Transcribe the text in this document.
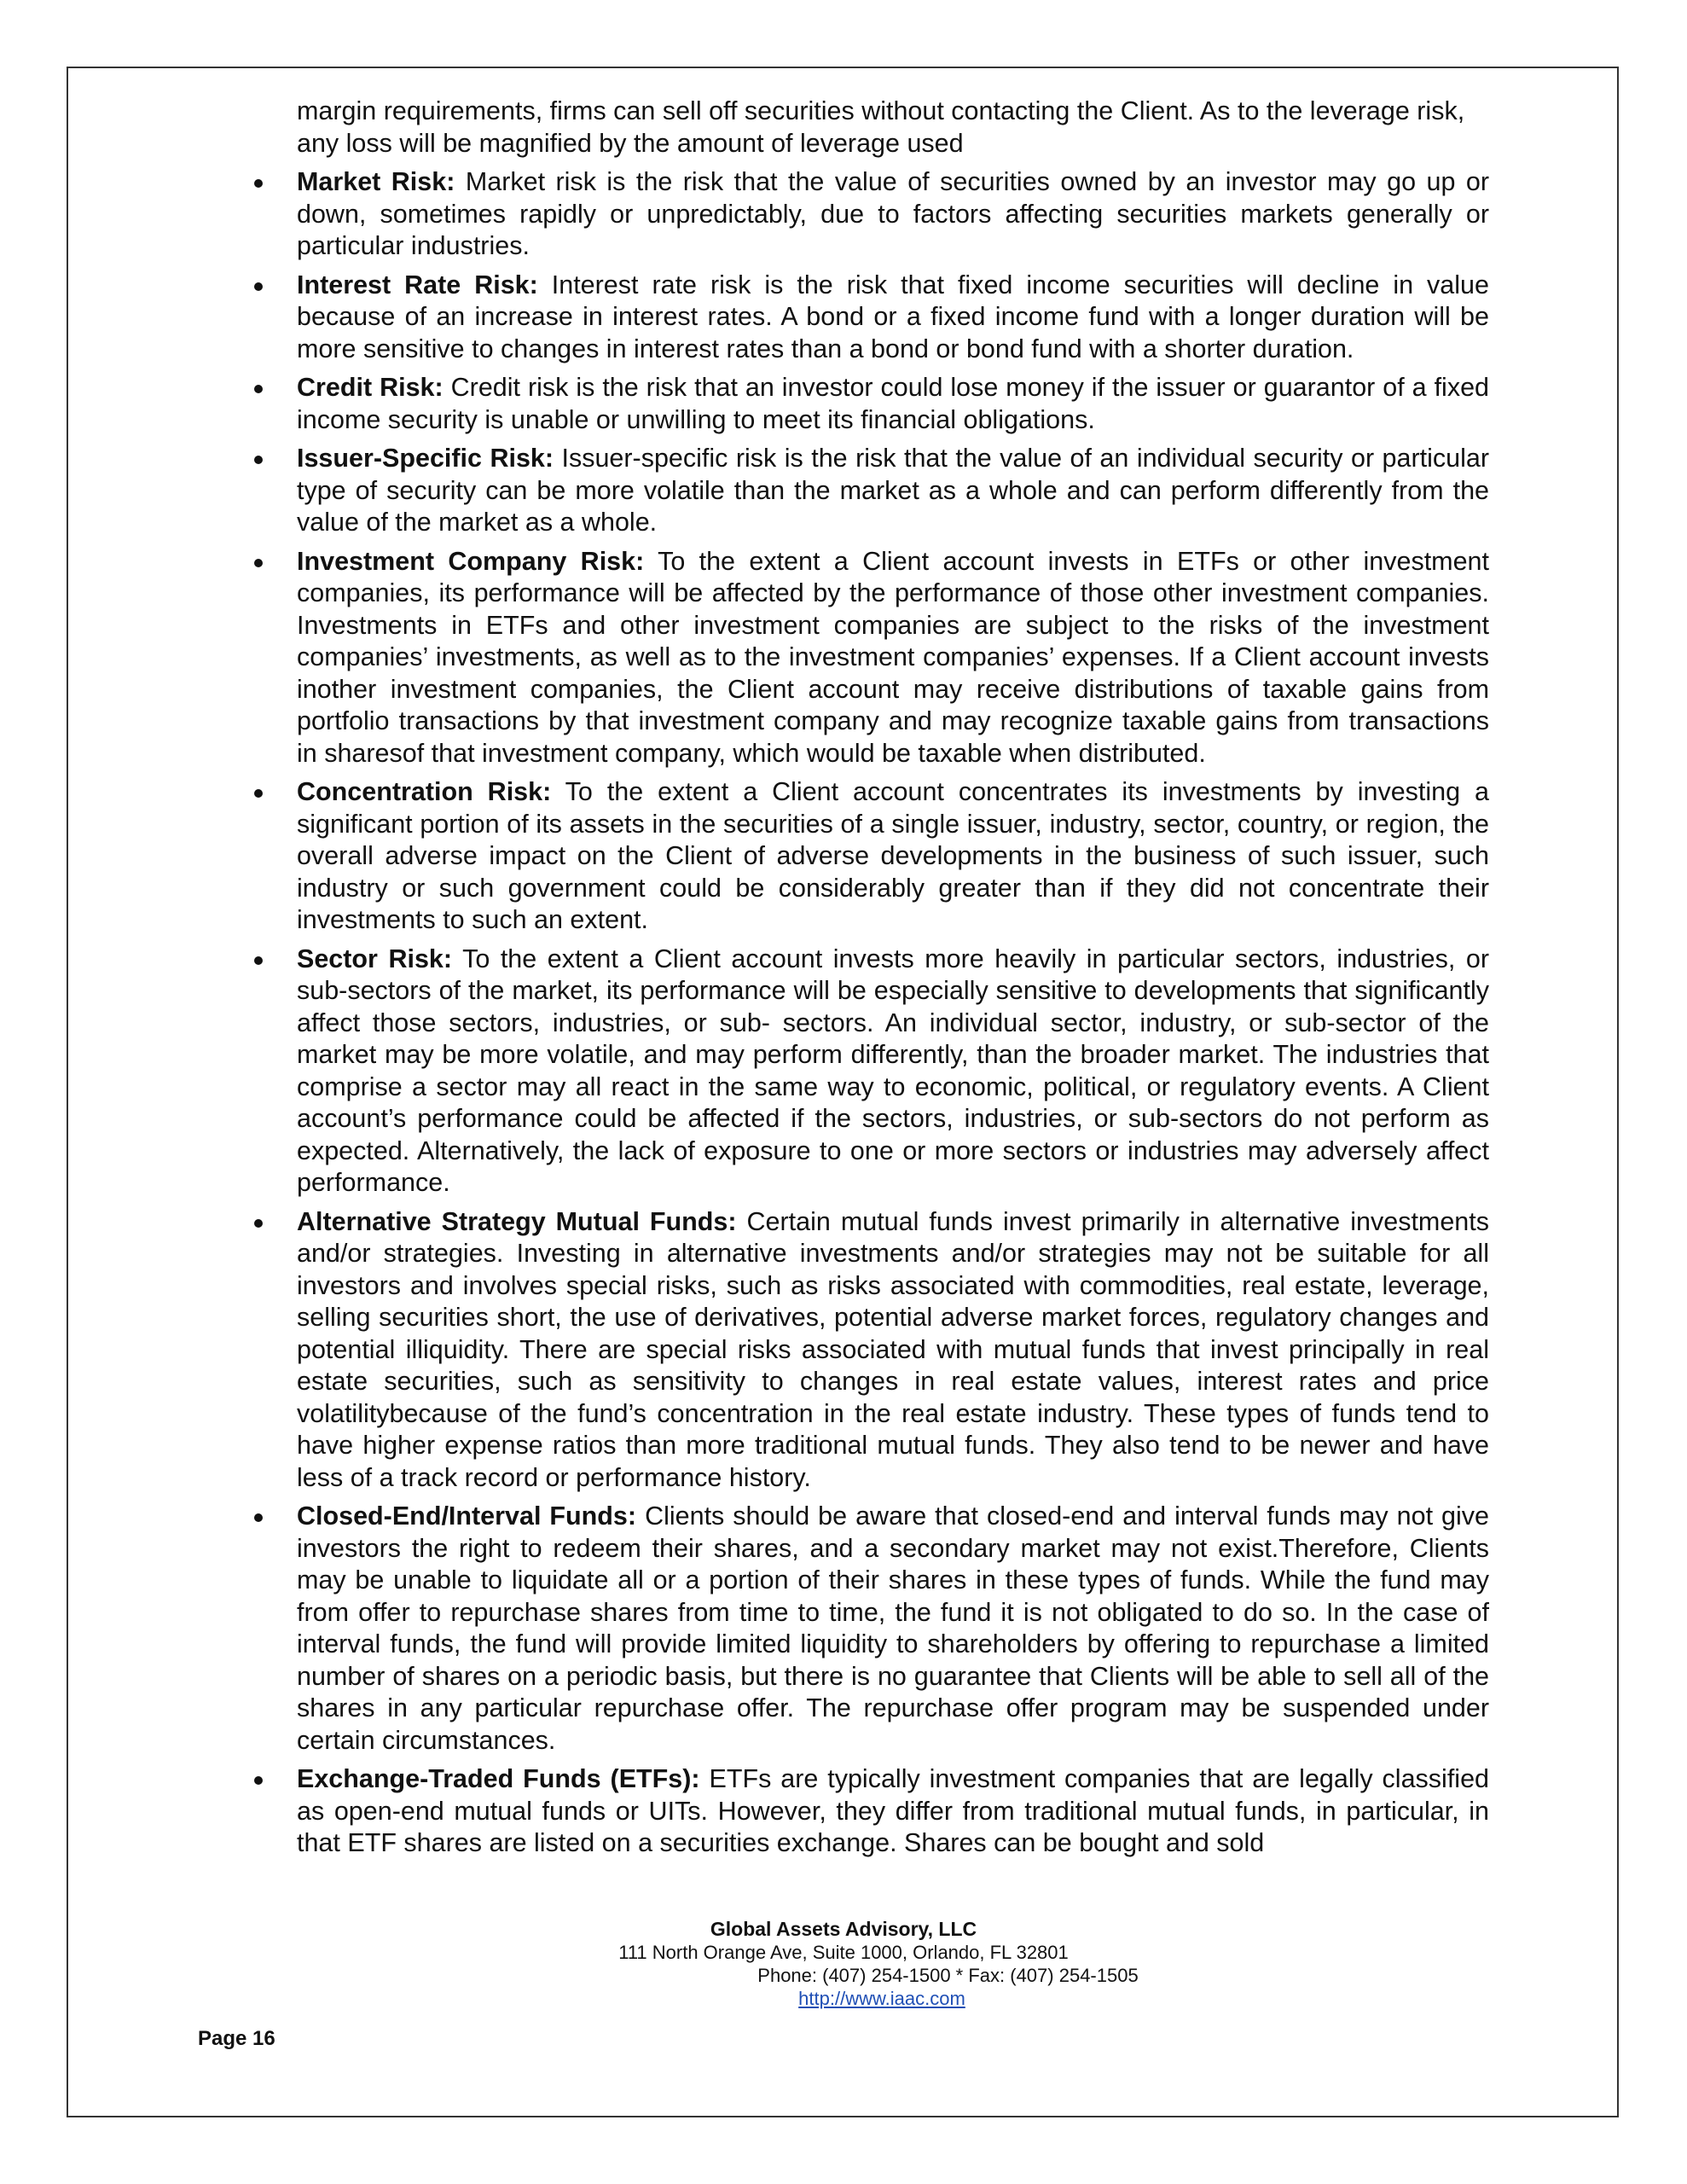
margin requirements, firms can sell off securities without contacting the Client. As to the leverage risk, any loss will be magnified by the amount of leverage used

Market Risk: Market risk is the risk that the value of securities owned by an investor may go up or down, sometimes rapidly or unpredictably, due to factors affecting securities markets generally or particular industries.
Interest Rate Risk: Interest rate risk is the risk that fixed income securities will decline in value because of an increase in interest rates. A bond or a fixed income fund with a longer duration will be more sensitive to changes in interest rates than a bond or bond fund with a shorter duration.
Credit Risk: Credit risk is the risk that an investor could lose money if the issuer or guarantor of a fixed income security is unable or unwilling to meet its financial obligations.
Issuer-Specific Risk: Issuer-specific risk is the risk that the value of an individual security or particular type of security can be more volatile than the market as a whole and can perform differently from the value of the market as a whole.
Investment Company Risk: To the extent a Client account invests in ETFs or other investment companies, its performance will be affected by the performance of those other investment companies. Investments in ETFs and other investment companies are subject to the risks of the investment companies’ investments, as well as to the investment companies’ expenses. If a Client account invests inother investment companies, the Client account may receive distributions of taxable gains from portfolio transactions by that investment company and may recognize taxable gains from transactions in sharesof that investment company, which would be taxable when distributed.
Concentration Risk: To the extent a Client account concentrates its investments by investing a significant portion of its assets in the securities of a single issuer, industry, sector, country, or region, the overall adverse impact on the Client of adverse developments in the business of such issuer, such industry or such government could be considerably greater than if they did not concentrate their investments to such an extent.
Sector Risk: To the extent a Client account invests more heavily in particular sectors, industries, or sub-sectors of the market, its performance will be especially sensitive to developments that significantly affect those sectors, industries, or sub- sectors. An individual sector, industry, or sub-sector of the market may be more volatile, and may perform differently, than the broader market. The industries that comprise a sector may all react in the same way to economic, political, or regulatory events. A Client account’s performance could be affected if the sectors, industries, or sub-sectors do not perform as expected. Alternatively, the lack of exposure to one or more sectors or industries may adversely affect performance.
Alternative Strategy Mutual Funds: Certain mutual funds invest primarily in alternative investments and/or strategies. Investing in alternative investments and/or strategies may not be suitable for all investors and involves special risks, such as risks associated with commodities, real estate, leverage, selling securities short, the use of derivatives, potential adverse market forces, regulatory changes and potential illiquidity. There are special risks associated with mutual funds that invest principally in real estate securities, such as sensitivity to changes in real estate values, interest rates and price volatilitybecause of the fund’s concentration in the real estate industry. These types of funds tend to have higher expense ratios than more traditional mutual funds. They also tend to be newer and have less of a track record or performance history.
Closed-End/Interval Funds: Clients should be aware that closed-end and interval funds may not give investors the right to redeem their shares, and a secondary market may not exist.Therefore, Clients may be unable to liquidate all or a portion of their shares in these types of funds. While the fund may from offer to repurchase shares from time to time, the fund it is not obligated to do so. In the case of interval funds, the fund will provide limited liquidity to shareholders by offering to repurchase a limited number of shares on a periodic basis, but there is no guarantee that Clients will be able to sell all of the shares in any particular repurchase offer. The repurchase offer program may be suspended under certain circumstances.
Exchange-Traded Funds (ETFs): ETFs are typically investment companies that are legally classified as open-end mutual funds or UITs. However, they differ from traditional mutual funds, in particular, in that ETF shares are listed on a securities exchange. Shares can be bought and sold
Global Assets Advisory, LLC
111 North Orange Ave, Suite 1000, Orlando, FL 32801
Phone: (407) 254-1500 * Fax: (407) 254-1505
http://www.iaac.com
Page 16
